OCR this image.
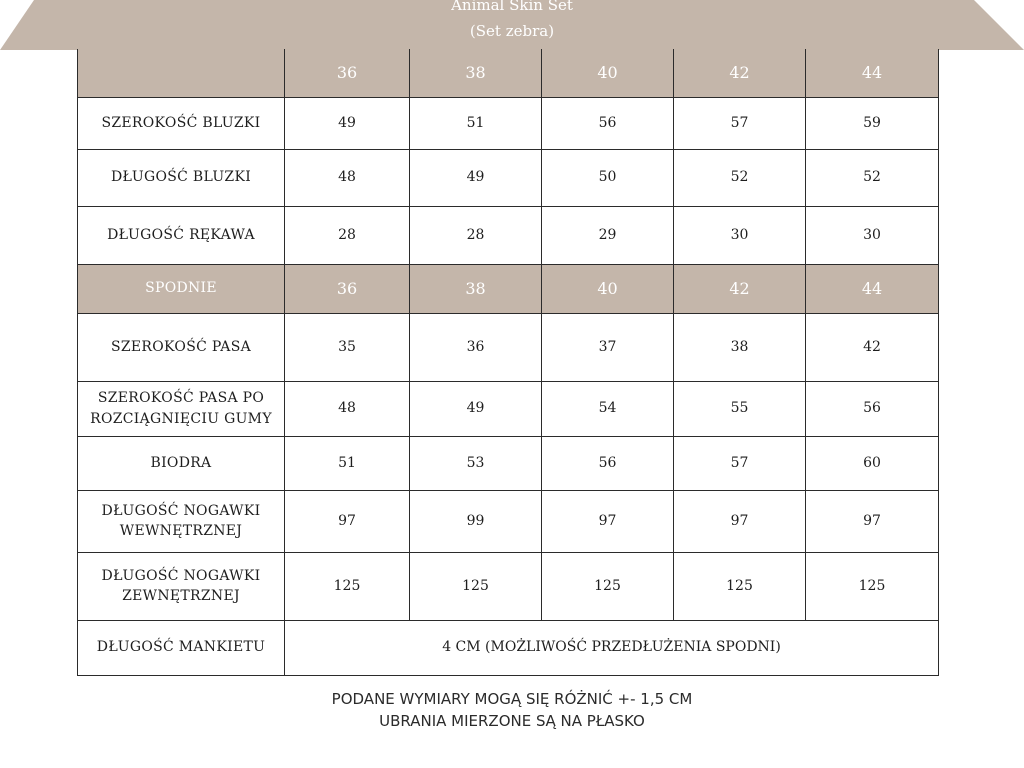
Animal Skin Set
(Set zebra)
	36	38	40	42	44
SZEROKOŚĆ BLUZKI	49	51	56	57	59
DŁUGOŚĆ BLUZKI	48	49	50	52	52
DŁUGOŚĆ RĘKAWA	28	28	29	30	30
SPODNIE	36	38	40	42	44
SZEROKOŚĆ PASA	35	36	37	38	42
SZEROKOŚĆ PASA PO ROZCIĄGNIĘCIU GUMY	48	49	54	55	56
BIODRA	51	53	56	57	60
DŁUGOŚĆ NOGAWKI WEWNĘTRZNEJ	97	99	97	97	97
DŁUGOŚĆ NOGAWKI ZEWNĘTRZNEJ	125	125	125	125	125
DŁUGOŚĆ MANKIETU	4 CM (MOŻLIWOŚĆ PRZEDŁUŻENIA SPODNI)				
PODANE WYMIARY MOGĄ SIĘ RÓŻNIĆ +- 1,5 CM
UBRANIA MIERZONE SĄ NA PŁASKO
